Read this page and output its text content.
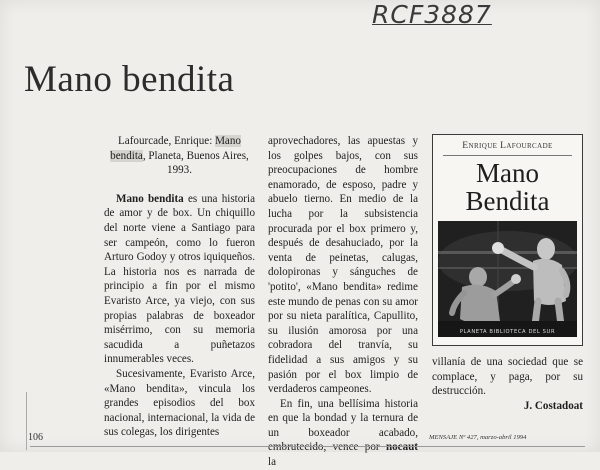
RCF3887
Mano bendita

Lafourcade, Enrique: Mano bendita, Planeta, Buenos Aires, 1993.

Mano bendita es una historia de amor y de box. Un chiquillo del norte viene a Santiago para ser campeón, como lo fueron Arturo Godoy y otros iquiqueños. La historia nos es narrada de principio a fin por el mismo Evaristo Arce, ya viejo, con sus propias palabras de boxeador misérrimo, con su memoria sacudida a puñetazos innumerables veces.

Sucesivamente, Evaristo Arce, «Mano bendita», vincula los grandes episodios del box nacional, internacional, la vida de sus colegas, los dirigentes

aprovechadores, las apuestas y los golpes bajos, con sus preocupaciones de hombre enamorado, de esposo, padre y abuelo tierno. En medio de la lucha por la subsistencia procurada por el box primero y, después de desahuciado, por la venta de peinetas, calugas, dolopironas y sánguches de 'potito', «Mano bendita» redime este mundo de penas con su amor por su nieta paralítica, Capullito, su ilusión amorosa por una cobradora del tranvía, su fidelidad a sus amigos y su pasión por el box limpio de verdaderos campeones.

En fin, una bellísima historia en que la bondad y la ternura de un boxeador acabado, embrutecido, vence por nocaut la

Enrique Lafourcade
Mano
Bendita
PLANETA BIBLIOTECA DEL SUR

villanía de una sociedad que se complace, y paga, por su destrucción.

J. Costadoat

106	MENSAJE Nº 427, marzo-abril 1994
